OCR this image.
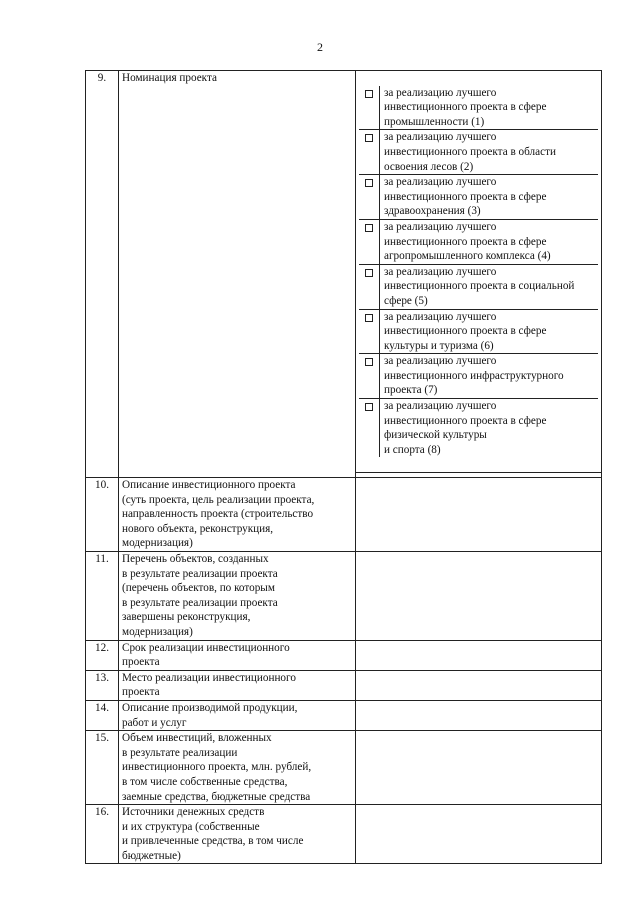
2
9.	Номинация проекта	

	за реализацию лучшего
инвестиционного проекта в сфере
промышленности (1)
	за реализацию лучшего
инвестиционного проекта в области
освоения лесов (2)
	за реализацию лучшего
инвестиционного проекта в сфере
здравоохранения (3)
	за реализацию лучшего
инвестиционного проекта в сфере
агропромышленного комплекса (4)
	за реализацию лучшего
инвестиционного проекта в социальной
сфере (5)
	за реализацию лучшего
инвестиционного проекта в сфере
культуры и туризма (6)
	за реализацию лучшего
инвестиционного инфраструктурного
проекта (7)
	за реализацию лучшего
инвестиционного проекта в сфере
физической культуры
и спорта (8)

10.	Описание инвестиционного проекта
(суть проекта, цель реализации проекта,
направленность проекта (строительство
нового объекта, реконструкция,
модернизация)	
11.	Перечень объектов, созданных
в результате реализации проекта
(перечень объектов, по которым
в результате реализации проекта
завершены реконструкция,
модернизация)	
12.	Срок реализации инвестиционного
проекта	
13.	Место реализации инвестиционного
проекта	
14.	Описание производимой продукции,
работ и услуг	
15.	Объем инвестиций, вложенных
в результате реализации
инвестиционного проекта, млн. рублей,
в том числе собственные средства,
заемные средства, бюджетные средства	
16.	Источники денежных средств
и их структура (собственные
и привлеченные средства, в том числе
бюджетные)	
